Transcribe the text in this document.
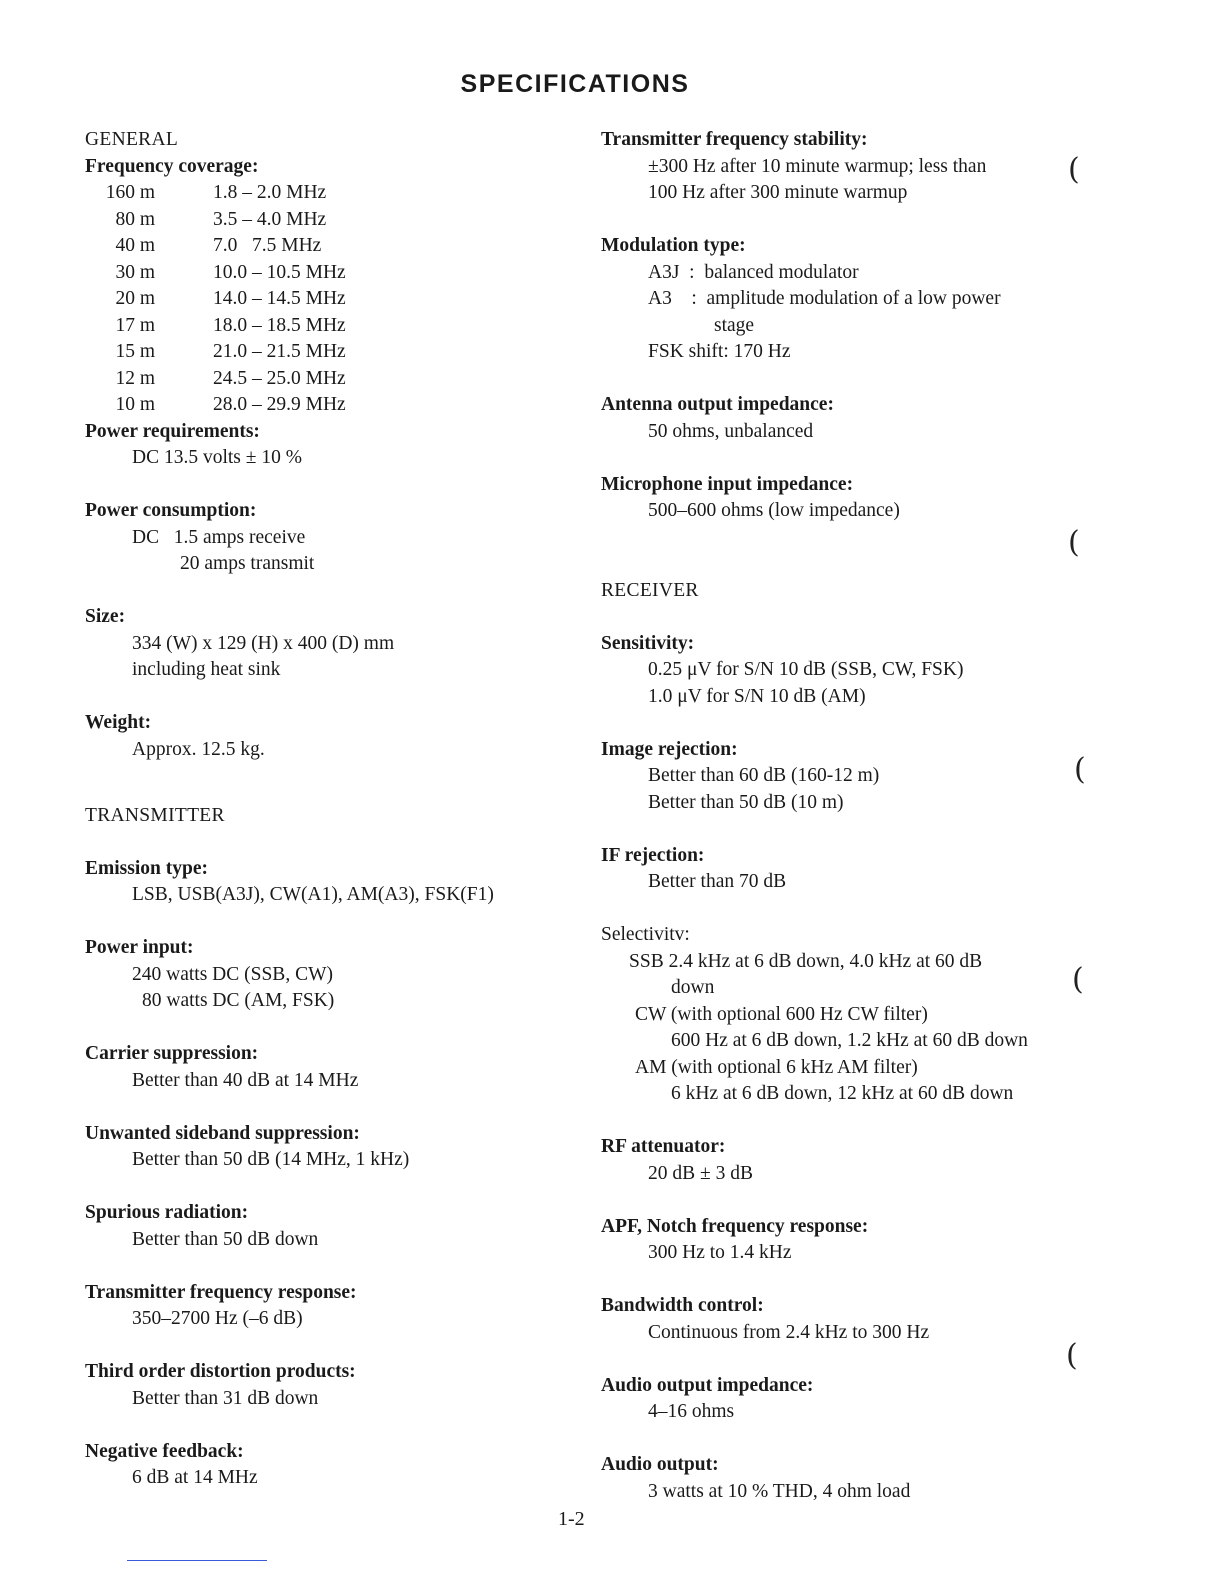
SPECIFICATIONS
GENERAL
Frequency coverage:
160 m	1.8 – 2.0 MHz
80 m	3.5 – 4.0 MHz
40 m	7.0   7.5 MHz
30 m	10.0 – 10.5 MHz
20 m	14.0 – 14.5 MHz
17 m	18.0 – 18.5 MHz
15 m	21.0 – 21.5 MHz
12 m	24.5 – 25.0 MHz
10 m	28.0 – 29.9 MHz
Power requirements:
DC 13.5 volts ± 10 %
Power consumption:
DC   1.5 amps receive
20 amps transmit
Size:
334 (W) x 129 (H) x 400 (D) mm
including heat sink
Weight:
Approx. 12.5 kg.
TRANSMITTER
Emission type:
LSB, USB(A3J), CW(A1), AM(A3), FSK(F1)
Power input:
240 watts DC (SSB, CW)
80 watts DC (AM, FSK)
Carrier suppression:
Better than 40 dB at 14 MHz
Unwanted sideband suppression:
Better than 50 dB (14 MHz, 1 kHz)
Spurious radiation:
Better than 50 dB down
Transmitter frequency response:
350–2700 Hz (–6 dB)
Third order distortion products:
Better than 31 dB down
Negative feedback:
6 dB at 14 MHz
Transmitter frequency stability:
±300 Hz after 10 minute warmup; less than
100 Hz after 300 minute warmup
Modulation type:
A3J  :  balanced modulator
A3    :  amplitude modulation of a low power
stage
FSK shift: 170 Hz
Antenna output impedance:
50 ohms, unbalanced
Microphone input impedance:
500–600 ohms (low impedance)
RECEIVER
Sensitivity:
0.25 μV for S/N 10 dB (SSB, CW, FSK)
1.0 μV for S/N 10 dB (AM)
Image rejection:
Better than 60 dB (160-12 m)
Better than 50 dB (10 m)
IF rejection:
Better than 70 dB
Selectivitv:
SSB 2.4 kHz at 6 dB down, 4.0 kHz at 60 dB
down
CW (with optional 600 Hz CW filter)
600 Hz at 6 dB down, 1.2 kHz at 60 dB down
AM (with optional 6 kHz AM filter)
6 kHz at 6 dB down, 12 kHz at 60 dB down
RF attenuator:
20 dB ± 3 dB
APF, Notch frequency response:
300 Hz to 1.4 kHz
Bandwidth control:
Continuous from 2.4 kHz to 300 Hz
Audio output impedance:
4–16 ohms
Audio output:
3 watts at 10 % THD, 4 ohm load
(
(
(
(
(
1-2
